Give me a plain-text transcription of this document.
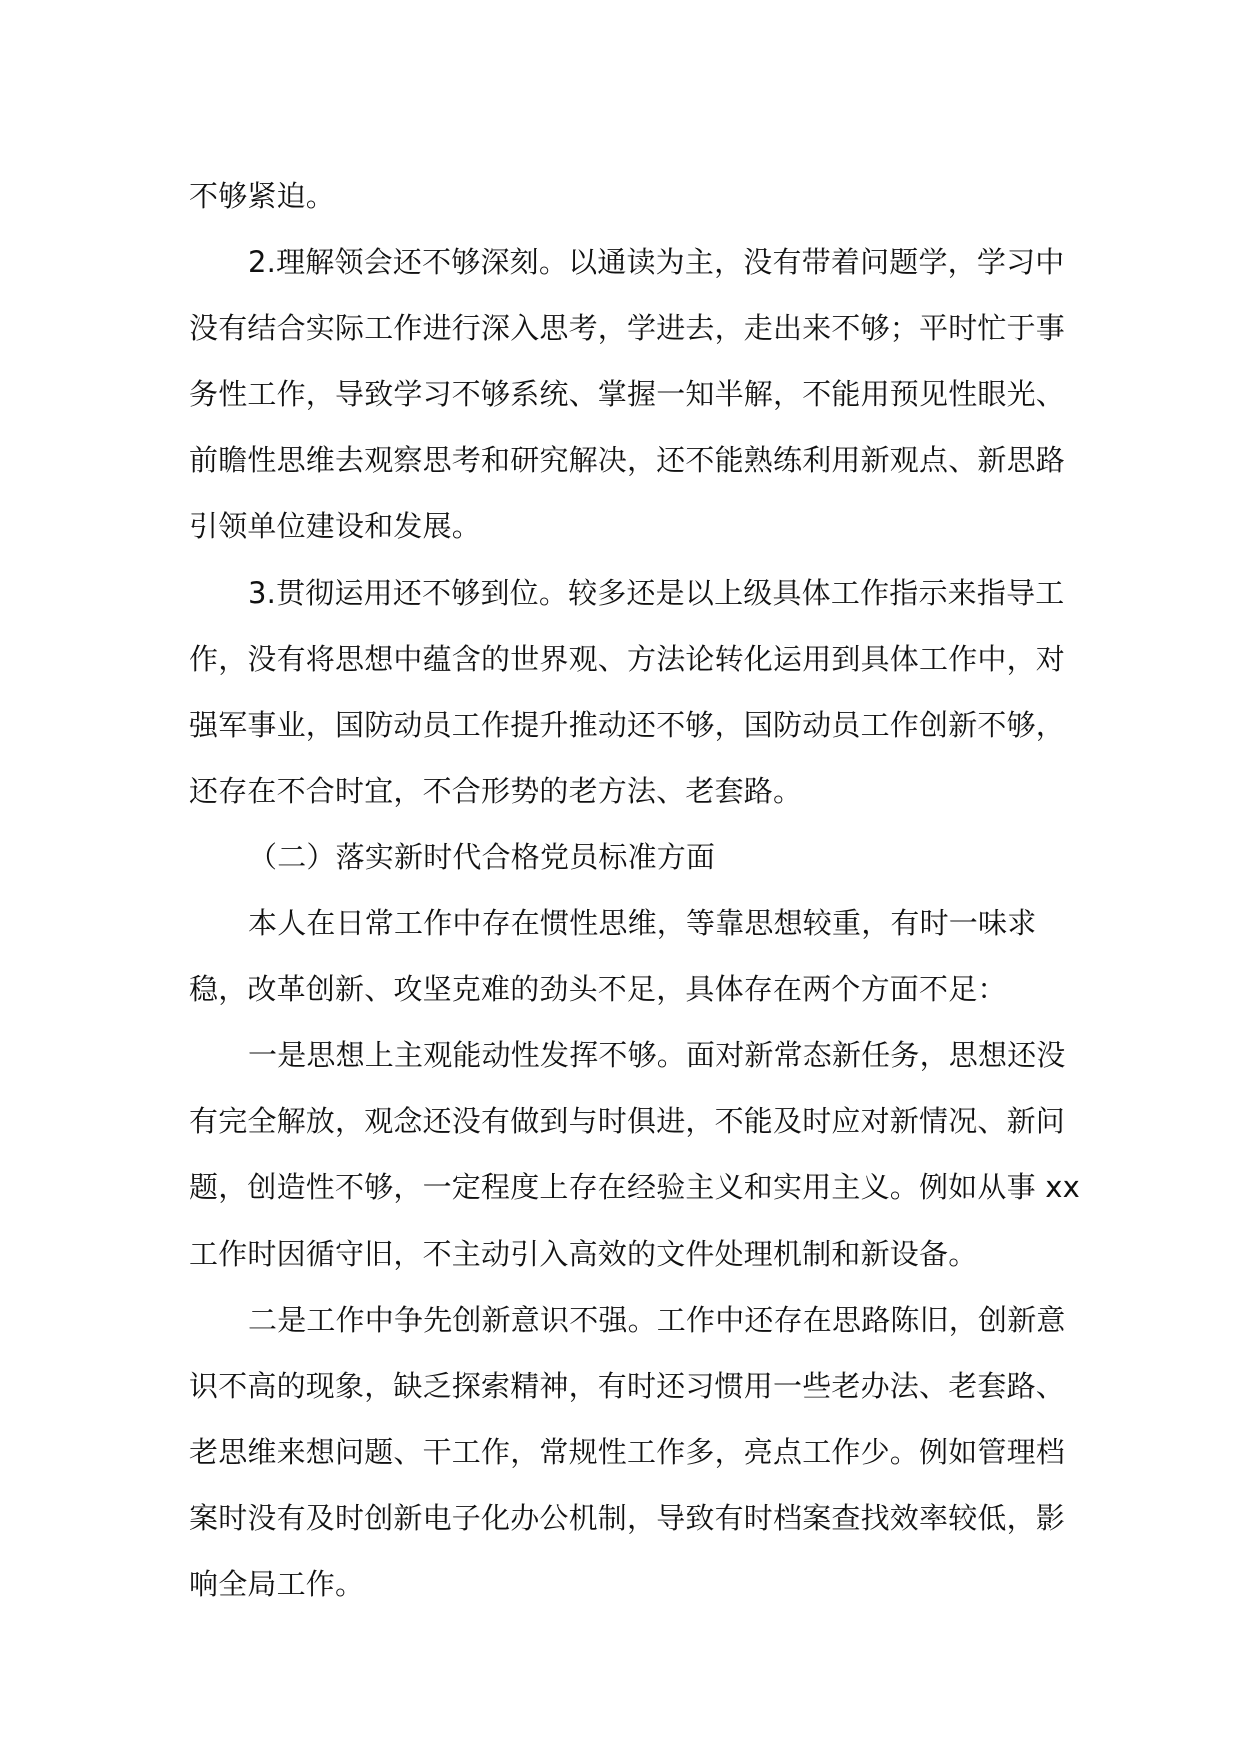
不够紧迫。

2.理解领会还不够深刻。以通读为主，没有带着问题学，学习中没有结合实际工作进行深入思考，学进去，走出来不够；平时忙于事务性工作，导致学习不够系统、掌握一知半解，不能用预见性眼光、前瞻性思维去观察思考和研究解决，还不能熟练利用新观点、新思路引领单位建设和发展。

3.贯彻运用还不够到位。较多还是以上级具体工作指示来指导工作，没有将思想中蕴含的世界观、方法论转化运用到具体工作中，对强军事业，国防动员工作提升推动还不够，国防动员工作创新不够，还存在不合时宜，不合形势的老方法、老套路。

（二）落实新时代合格党员标准方面

本人在日常工作中存在惯性思维，等靠思想较重，有时一味求稳，改革创新、攻坚克难的劲头不足，具体存在两个方面不足：

一是思想上主观能动性发挥不够。面对新常态新任务，思想还没有完全解放，观念还没有做到与时俱进，不能及时应对新情况、新问题，创造性不够，一定程度上存在经验主义和实用主义。例如从事 xx 工作时因循守旧，不主动引入高效的文件处理机制和新设备。

二是工作中争先创新意识不强。工作中还存在思路陈旧，创新意识不高的现象，缺乏探索精神，有时还习惯用一些老办法、老套路、老思维来想问题、干工作，常规性工作多，亮点工作少。例如管理档案时没有及时创新电子化办公机制，导致有时档案查找效率较低，影响全局工作。
